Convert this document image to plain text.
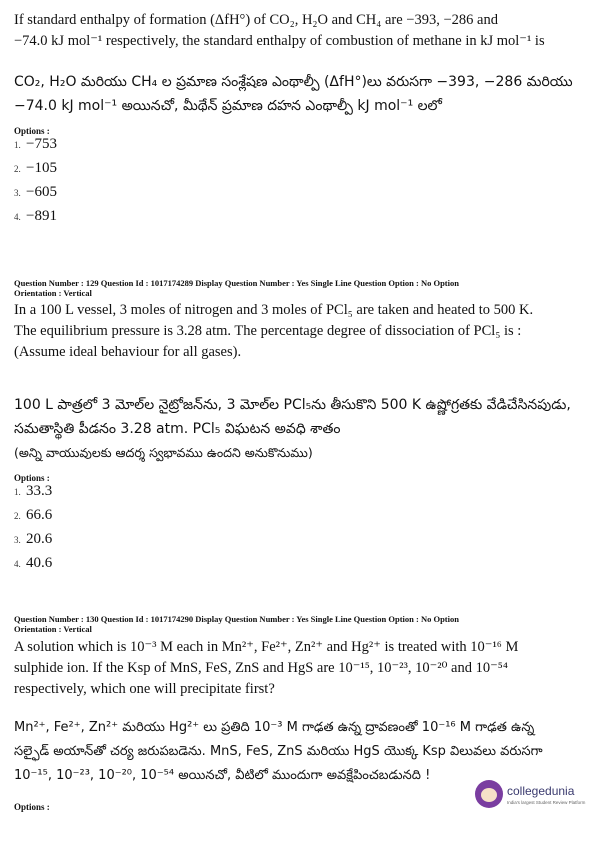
If standard enthalpy of formation (ΔfH°) of CO₂, H₂O and CH₄ are −393, −286 and
−74.0 kJ mol⁻¹ respectively, the standard enthalpy of combustion of methane in kJ mol⁻¹ is
CO₂, H₂O మరియు CH₄ ల ప్రమాణ సంశ్లేషణ ఎంథాల్పీ (ΔfH°)లు వరుసగా −393, −286 మరియు
−74.0 kJ mol⁻¹ అయినచో, మీథేన్ ప్రమాణ దహన ఎంథాల్పీ kJ mol⁻¹ లలో
Options :
1. −753
2. −105
3. −605
4. −891
Question Number : 129 Question Id : 1017174289 Display Question Number : Yes Single Line Question Option : No Option
Orientation : Vertical
In a 100 L vessel, 3 moles of nitrogen and 3 moles of PCl₅ are taken and heated to 500 K.
The equilibrium pressure is 3.28 atm. The percentage degree of dissociation of PCl₅ is :
(Assume ideal behaviour for all gases).
100 L పాత్రలో 3 మోల్‌ల నైట్రోజన్‌ను, 3 మోల్‌ల PCl₅ను తీసుకొని 500 K ఉష్ణోగ్రతకు వేడిచేసినపుడు,
సమతాస్థితి పీడనం 3.28 atm. PCl₅ విఘటన అవధి శాతం
(అన్ని వాయువులకు ఆదర్శ స్వభావము ఉందని అనుకొనుము)
Options :
1. 33.3
2. 66.6
3. 20.6
4. 40.6
Question Number : 130 Question Id : 1017174290 Display Question Number : Yes Single Line Question Option : No Option
Orientation : Vertical
A solution which is 10⁻³ M each in Mn²⁺, Fe²⁺, Zn²⁺ and Hg²⁺ is treated with 10⁻¹⁶ M
sulphide ion. If the Ksp of MnS, FeS, ZnS and HgS are 10⁻¹⁵, 10⁻²³, 10⁻²⁰ and 10⁻⁵⁴
respectively, which one will precipitate first?
Mn²⁺, Fe²⁺, Zn²⁺ మరియు Hg²⁺ లు ప్రతిది 10⁻³ M గాఢత ఉన్న ద్రావణంతో 10⁻¹⁶ M గాఢత ఉన్న
సల్ఫైడ్ అయాన్‌తో చర్య జరుపబడెను. MnS, FeS, ZnS మరియు HgS యొక్క Ksp విలువలు వరుసగా
10⁻¹⁵, 10⁻²³, 10⁻²⁰, 10⁻⁵⁴ అయినచో, వీటిలో ముందుగా అవక్షేపించబడునది !
Options :
collegedunia
India's largest Student Review Platform
